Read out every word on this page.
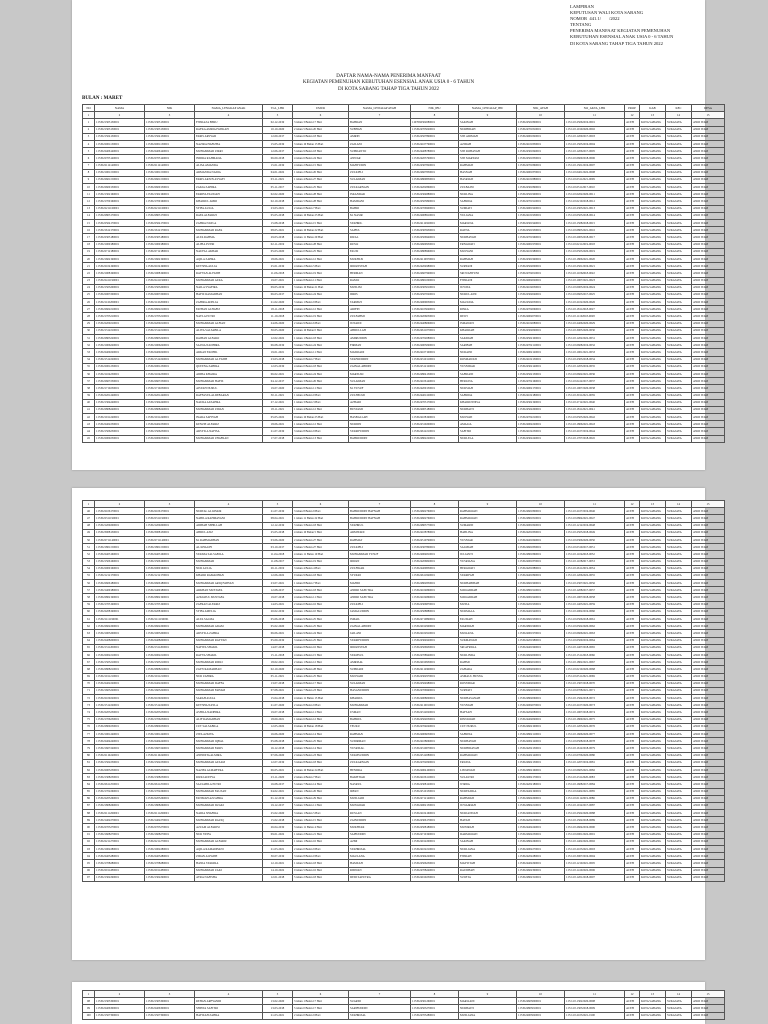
LAMPIRAN
KEPUTUSAN WALI KOTA SABANG
NOMOR  441.1/       /2022
TENTANG
PENERIMA MANFAAT KEGIATAN PEMENUHAN
KEBUTUHAN ESENSIAL ANAK USIA 0 - 6 TAHUN
DI KOTA SABANG TAHAP TIGA TAHUN 2022
DAFTAR NAMA-NAMA PENERIMA MANFAAT
KEGIATAN PEMENUHAN KEBUTUHAN ESENSIAL ANAK USIA 0 - 6 TAHUN
DI KOTA SABANG TAHAP TIGA TAHUN 2022
BULAN : MARET
NO	NAMA	NIK	NAMA_LENGKAP ANAK	TGL_LHR	UMUR	NAMA_LENGKAP AYAH	NIK_IBU	NAMA_LENGKAP_IBU	NIK_AYAH	NO_AKTA_LHR	PROP	KAB	KEC	DESA
1	2	3	4	5	6	7	8	9	10	11	12	13	14	15
1	1172021305130001	1172021305130001	FITRIAZA BERU	02-12-2019	3 tahun 3 Bulan 17 Hari	BAHRAN	1107066302080001	SAKINAH	1172024501800001	1172-LT-25062019-0001	ACEH	KOTA SABANG	SUKAJAYA	ANOI ITAM
2	1172021303150001	1172021303150001	RAFKA AMRIA FATIKAH	10-10-2020	2 tahun 5 Bulan 20 Hari	SUBHAN	1172024705020001	NURHIDAH	1172024701810001	1172-LT-10102020-0002	ACEH	KOTA SABANG	SUKAJAYA	ANOI ITAM
3	1172021504130001	1172021504130001	FARIS ARSYAD	12-09-2017	5 tahun 6 Bulan 18 Hari	AMRIN	1172024507890001	SITI ADIMAH	1172024901820001	1172-LT-12092017-0003	ACEH	KOTA SABANG	SUKAJAYA	ANOI ITAM
4	1172022001130001	1172022001130001	NAZIRA HAFIZHA	15-05-2019	3 tahun 10 Bulan 15 Hari	ZAILANI	1172024107790001	AZIDAH	1172024101830001	1172-LT-15052019-0004	ACEH	KOTA SABANG	SUKAJAYA	ANOI ITAM
5	1172022406140001	1172022406140001	MUHAMMAD ZIKRI	12-06-2017	5 tahun 9 Bulan 18 Hari	SUPRIANTO	1172024408780001	SITI ROHAYAH	1172024301840001	1172-LT-12062017-0005	ACEH	KOTA SABANG	SUKAJAYA	ANOI ITAM
6	1172022705140001	1172022705140001	INDIRA RAHMADA	06-09-2018	4 tahun 6 Bulan 24 Hari	ANWAR	1172024205790001	SITI MARYAM	1172024501850001	1172-LT-06092018-0006	ACEH	KOTA SABANG	SUKAJAYA	ANOI ITAM
7	1172022112140001	1172022112140001	ALISA AMANDA	15-01-2019	4 tahun 2 Bulan 15 Hari	MAHYUDIN	1172024307820001	RAHMATI	1172024701860001	1172-LT-15012019-0007	ACEH	KOTA SABANG	SUKAJAYA	ANOI ITAM
8	1172021901150001	1172021901150001	ARMANDA NADIA	04-01-2022	1 tahun 2 Bulan 26 Hari	ZULKIFLI	1172024607830001	HASNAH	1172024901870001	1172-LT-04012022-0008	ACEH	KOTA SABANG	SUKAJAYA	ANOI ITAM
9	1172022601150001	1172022601150001	FARIS ARJUN ASYAFI	03-11-2021	1 tahun 4 Bulan 27 Hari	SULAIMAN	1172024809850001	HASRIATI	1172024101880001	1172-LT-03112021-0009	ACEH	KOTA SABANG	SUKAJAYA	ANOI ITAM
10	1172022609150001	1172022609150001	ZAKIA ZAHIRA	05-11-2017	5 tahun 4 Bulan 25 Hari	ZULKARNAIN	1172024202860001	ZULBAINI	1172024301890001	1172-LT-05112017-0010	ACEH	KOTA SABANG	SUKAJAYA	ANOI ITAM
11	1172021302160001	1172021302160001	FARIHA FAUZIAH	02-02-2020	3 tahun 1 Bulan 28 Hari	ISKANDAR	1172024304880001	NURLINA	1172024501900001	1172-LT-02022020-0011	ACEH	KOTA SABANG	SUKAJAYA	ANOI ITAM
12	1172021709160001	1172021709160001	KHAIRUL AMRI	02-10-2018	4 tahun 5 Bulan 28 Hari	HAMDANI	1172024505890001	SAFRIDA	1172024701910001	1172-LT-02102018-0012	ACEH	KOTA SABANG	SUKAJAYA	ANOI ITAM
13	1172022211160001	1172022211160001	SYIFA AULIA	23-03-2021	2 tahun 0 Bulan 7 Hari	BAHRI	1172024706900001	SUMIATI	1172024901920001	1172-LT-23032021-0013	ACEH	KOTA SABANG	SUKAJAYA	ANOI ITAM
14	1172022803170001	1172022803170001	RAFA ALFARIZI	05-05-2018	4 tahun 10 Bulan 25 Hari	M. NASIR	1172024908910001	YULIANA	1172024101930001	1172-LT-05052018-0014	ACEH	KOTA SABANG	SUKAJAYA	ANOI ITAM
15	1172022504170001	1172022504170001	ZAHRA NAYLA	15-08-2018	4 tahun 7 Bulan 15 Hari	SYAHRIL	1172024112920001	MARLINA	1172024301940001	1172-LT-15082018-0015	ACEH	KOTA SABANG	SUKAJAYA	ANOI ITAM
16	1172021612170001	1172021612170001	MUHAMMAD RAFA	08-05-2021	1 tahun 10 Bulan 22 Hari	SAIFUL	1172024303930001	RATNA	1172024501950001	1172-LT-08052021-0016	ACEH	KOTA SABANG	SUKAJAYA	ANOI ITAM
17	1172022305180001	1172022305180001	ALYA RAHMA	29-03-2018	4 tahun 11 Bulan 29 Hari	RIZAL	1172024506940001	NURHAYATI	1172024701960001	1172-LT-29032018-0017	ACEH	KOTA SABANG	SUKAJAYA	ANOI ITAM
18	1172021009180001	1172021009180001	ALIFIA PUTRI	02-11-2019	3 tahun 4 Bulan 28 Hari	RUSLI	1172024609950001	ERNAWATI	1172024901970001	1172-LT-02112019-0018	ACEH	KOTA SABANG	SUKAJAYA	ANOI ITAM
19	1172022712180001	1172022712180001	NAUFAL AKBAR	05-03-2020	3 tahun 0 Bulan 25 Hari	FAUZI	1172024808960001	MULYANI	1172024101980001	1172-LT-05032020-0019	ACEH	KOTA SABANG	SUKAJAYA	ANOI ITAM
20	1172021602190001	1172021602190001	AQILA ZAHRA	18-06-2021	1 tahun 9 Bulan 12 Hari	MUKHLIS	1172024110970001	RAHMAH	1172024301990001	1172-LT-18062021-0020	ACEH	KOTA SABANG	SUKAJAYA	ANOI ITAM
21	1172022104190001	1172022104190001	KEYSHA AULIA	25-01-2019	4 tahun 2 Bulan 5 Hari	IRWANSYAH	1172024204980001	SURYANI	1172024502000001	1172-LT-25012019-0021	ACEH	KOTA SABANG	SUKAJAYA	ANOI ITAM
22	1172021908190001	1172021908190001	RAYYAN ALFATIH	11-06-2018	4 tahun 9 Bulan 19 Hari	HERMAN	1172024607990001	SRI WAHYUNI	1172024702010001	1172-LT-11062018-0022	ACEH	KOTA SABANG	SUKAJAYA	ANOI ITAM
23	1172022411190001	1172022411190001	MUHAMMAD AZKA	19-07-2021	1 tahun 8 Bulan 11 Hari	RAMLI	1172024801000001	FITRIANI	1172024902020001	1172-LT-19072021-0023	ACEH	KOTA SABANG	SUKAJAYA	ANOI ITAM
24	1172021503200001	1172021503200001	NAILA SYAFIRA	09-05-2019	3 tahun 10 Bulan 21 Hari	MUSLIM	1172024305010001	JUWITA	1172024102030001	1172-LT-09052019-0024	ACEH	KOTA SABANG	SUKAJAYA	ANOI ITAM
25	1172022007200001	1172022007200001	HAFIZ RAMADHAN	06-03-2017	6 tahun 0 Bulan 24 Hari	IDRIS	1172024507020001	NURUL AINI	1172024302040001	1172-LT-06032017-0025	ACEH	KOTA SABANG	SUKAJAYA	ANOI ITAM
26	1172021110200001	1172021110200001	ZAHIRA ADELIA	21-02-2020	3 tahun 1 Bulan 9 Hari	TARMIZI	1172024909030001	MAULIDA	1172024502050001	1172-LT-21022020-0026	ACEH	KOTA SABANG	SUKAJAYA	ANOI ITAM
27	1172022602210001	1172022602210001	FATHAN ALHAFIZ	18-11-2018	4 tahun 4 Bulan 12 Hari	ARIFIN	1172024103040001	RISKA	1172024702060001	1172-LT-18112018-0027	ACEH	KOTA SABANG	SUKAJAYA	ANOI ITAM
28	1172021705210001	1172021705210001	NAYLA PUTRI	11-10-2018	4 tahun 5 Bulan 19 Hari	ZULFAHMI	1172024206050001	DEWI	1172024902070001	1172-LT-11102018-0028	ACEH	KOTA SABANG	SUKAJAYA	ANOI ITAM
29	1172022209210001	1172022209210001	MUHAMMAD ALFIAN	24-06-2020	2 tahun 9 Bulan 6 Hari	JUNAIDI	1172024408060001	ISMAWATI	1172024102080001	1172-LT-24062020-0029	ACEH	KOTA SABANG	SUKAJAYA	ANOI ITAM
30	1172021312210001	1172021312210001	ALIYA SALSABILA	30-05-2020	2 tahun 10 Bulan 0 Hari	ABDULLAH	1172024611070001	KHAIRIAH	1172024302090001	1172-LT-30052020-0030	ACEH	KOTA SABANG	SUKAJAYA	ANOI ITAM
31	1172022803220001	1172022803220001	RAIHAN ALFARO	12-02-2022	1 tahun 1 Bulan 18 Hari	AMIRUDDIN	1172024702080001	SAKDIAH	1172024502100001	1172-LT-12022022-0031	ACEH	KOTA SABANG	SUKAJAYA	ANOI ITAM
32	1172021906220001	1172021906220001	SALWA NADHIRA	06-08-2019	3 tahun 7 Bulan 24 Hari	FIRMAN	1172024905090001	SARIFAH	1172024702110001	1172-LT-06082019-0032	ACEH	KOTA SABANG	SUKAJAYA	ANOI ITAM
33	1172022409220001	1172022409220001	ARKAN FADHIL	19-01-2021	2 tahun 2 Bulan 11 Hari	MASRIADI	1172024107100001	NURAINI	1172024902120001	1172-LT-19012021-0033	ACEH	KOTA SABANG	SUKAJAYA	ANOI ITAM
34	1172021512220001	1172021512220001	MUHAMMAD AL FATIH	23-03-2018	5 tahun 0 Bulan 7 Hari	SYAFRUDDIN	1172024310110001	ROSMAWATI	1172024102130001	1172-LT-23032018-0034	ACEH	KOTA SABANG	SUKAJAYA	ANOI ITAM
35	1172022001230001	1172022001230001	QUEENA ZAHIRA	12-03-2019	4 tahun 0 Bulan 18 Hari	ZAINAL ABIDIN	1172024512120001	YUSNIDAR	1172024302140001	1172-LT-12032019-0035	ACEH	KOTA SABANG	SUKAJAYA	ANOI ITAM
36	1172021104230001	1172021104230001	ADIBA KHAIRA	06-02-2021	2 tahun 1 Bulan 24 Hari	MARZUKI	1172024804130001	SAFRIANI	1172024502150001	1172-LT-06022021-0036	ACEH	KOTA SABANG	SUKAJAYA	ANOI ITAM
37	1172022607230001	1172022607230001	MUHAMMAD HAFIZ	04-12-2017	5 tahun 3 Bulan 26 Hari	SULAIMAN	1172024106140001	HERLINA	1172024702160001	1172-LT-04122017-0037	ACEH	KOTA SABANG	SUKAJAYA	ANOI ITAM
38	1172021710230001	1172021710230001	AISYAH NURUL	19-07-2020	2 tahun 8 Bulan 11 Hari	M. YUSUF	1172024209150001	NURSIAH	1172024902170001	1172-LT-19072020-0038	ACEH	KOTA SABANG	SUKAJAYA	ANOI ITAM
39	1172022201240001	1172022201240001	RAFFASYA ALDEBARAN	30-11-2021	1 tahun 4 Bulan 0 Hari	ZULHELMI	1172024401160001	SAFRIDA	1172024102180001	1172-LT-30112021-0039	ACEH	KOTA SABANG	SUKAJAYA	ANOI ITAM
40	1172021304240001	1172021304240001	NAURA AZZAHRA	27-12-2021	1 tahun 3 Bulan 3 Hari	AZHARI	1172024703170001	KHAIRUNNISA	1172024302190001	1172-LT-27122021-0040	ACEH	KOTA SABANG	SUKAJAYA	ANOI ITAM
41	1172022808240001	1172022808240001	MUHAMMAD ZIDAN	18-11-2021	1 tahun 4 Bulan 12 Hari	BUSTAMI	1172024905180001	NURBAITI	1172024502200001	1172-LT-18112021-0041	ACEH	KOTA SABANG	SUKAJAYA	ANOI ITAM
42	1172021911240001	1172021911240001	INARA SAFIYAH	05-05-2022	0 tahun 10 Bulan 25 Hari	HASBALLAH	1172024108190001	MULYATI	1172024702210001	1172-LT-05052022-0042	ACEH	KOTA SABANG	SUKAJAYA	ANOI ITAM
43	1172022402250001	1172022402250001	KENZIE ALFARIZ	18-06-2021	1 tahun 9 Bulan 12 Hari	NURDIN	1172024310200001	AMALIA	1172024902220001	1172-LT-18062021-0043	ACEH	KOTA SABANG	SUKAJAYA	ANOI ITAM
44	1172021506250001	1172021506250001	ARSYILA NAFISA	21-07-2019	3 tahun 8 Bulan 9 Hari	SYARIFUDDIN	1172024612210001	SAFITRI	1172024102230001	1172-LT-21072019-0044	ACEH	KOTA SABANG	SUKAJAYA	ANOI ITAM
45	1172022009250001	1172022009250001	MUHAMMAD ZHAFRAN	17-07-2018	4 tahun 8 Bulan 13 Hari	BAHRUDDIN	1172024802220001	NURLELA	1172024302240001	1172-LT-17072018-0045	ACEH	KOTA SABANG	SUKAJAYA	ANOI ITAM
1	2	3	4	5	6	7	8	9	10	11	12	13	14	15
46	1172022106170001	1172022106170001	NURTAL AL KHAIR	21-07-2019	3 tahun 8 Bulan 9 Hari	BAHRUDDIN HAFNAH	1172024602760001	RAHMAWATI	1172024601800001	1172-LT-21072019-0046	ACEH	KOTA SABANG	SUKAJAYA	ANOI ITAM
47	1172022311190001	1172022311190001	NABILA RAHMAYANI	08-04-2021	1 tahun 11 Bulan 22 Hari	BAHRUDDIN HAFNAH	1172024602760001	RAHMAWATI	1172024801810001	1172-LT-08042021-0047	ACEH	KOTA SABANG	SUKAJAYA	ANOI ITAM
48	1172021209200001	1172021209200001	ADIBAH SEHILLAH	12-12-2019	3 tahun 3 Bulan 18 Hari	SYAHRUL	1172024805770001	SUMARNI	1172024001820001	1172-LT-12122019-0048	ACEH	KOTA SABANG	SUKAJAYA	ANOI ITAM
49	1172023008130001	1172023008130001	ABDUL AZIZ	25-05-2018	4 tahun 10 Bulan 5 Hari	ARMIYADI	1172024108780001	HABLINA	1172024201830001	1172-LT-25052018-0049	ACEH	KOTA SABANG	SUKAJAYA	ANOI ITAM
50	1172022711140001	1172022711140001	M. RAHMADHAN	03-06-2020	2 tahun 9 Bulan 27 Hari	RAHMAT	1172024510790001	YUSNIAR	1172024401840001	1172-LT-03062020-0050	ACEH	KOTA SABANG	SUKAJAYA	ANOI ITAM
51	1172021801150001	1172021801150001	AL KHALIFI	03-10-2017	5 tahun 5 Bulan 27 Hari	ZULKIFLI	1172024307800001	SALMIAH	1172024601850001	1172-LT-03102017-0051	ACEH	KOTA SABANG	SUKAJAYA	ANOI ITAM
52	1172022403160001	1172022403160001	SYAIMA SALSABILA	11-04-2018	4 tahun 11 Bulan 19 Hari	MUHAMMAD YUSUF	1172024904810001	JULIANTI	1172024801860001	1172-LT-11042018-0052	ACEH	KOTA SABANG	SUKAJAYA	ANOI ITAM
53	1172021506160001	1172021506160001	MUHAMMAD	11-08-2017	5 tahun 7 Bulan 19 Hari	IRWAN	1172024206820001	YUSRIANA	1172024001870001	1172-LT-11082017-0053	ACEH	KOTA SABANG	SUKAJAYA	ANOI ITAM
54	1172022909160001	1172022909160001	NUR AULIA	26-11-2019	3 tahun 4 Bulan 4 Hari	ZULFIKAR	1172024409830001	HERAWATI	1172024201880001	1172-LT-26112019-0054	ACEH	KOTA SABANG	SUKAJAYA	ANOI ITAM
55	1172021212170001	1172021212170001	KHAIRI RAMADHAN	12-06-2022	0 tahun 9 Bulan 18 Hari	SYUKRI	1172024611840001	SYARIFAH	1172024401890001	1172-LT-12062022-0055	ACEH	KOTA SABANG	SUKAJAYA	ANOI ITAM
56	1172022606180001	1172022606180001	MUHAMMAD ARIQ FATHAN	23-07-2021	1 tahun 8 Bulan 7 Hari	MAHDI	1172024802850001	NURHABIBAH	1172024601900001	1172-LT-23072021-0056	ACEH	KOTA SABANG	SUKAJAYA	ANOI ITAM
57	1172021409180001	1172021409180001	ARKHAN MUSTAFA	12-08-2017	5 tahun 7 Bulan 18 Hari	ANDRI SAPUTRA	1172024104860001	MAWADDAH	1172024801910001	1172-LT-12082017-0057	ACEH	KOTA SABANG	SUKAJAYA	ANOI ITAM
58	1172022802190001	1172022802190001	AZKIATUL MUSTAFA	19-07-2018	4 tahun 8 Bulan 11 Hari	ANDRI SAPUTRA	1172024104860001	MAWADDAH	1172024001920001	1172-LT-19072018-0058	ACEH	KOTA SABANG	SUKAJAYA	ANOI ITAM
59	1172021705190001	1172021705190001	ZAFRAN ALFARIZ	14-03-2021	2 tahun 0 Bulan 16 Hari	ZULKIFLI	1172024306870001	MUTIA	1172024201930001	1172-LT-14032021-0059	ACEH	KOTA SABANG	SUKAJAYA	ANOI ITAM
60	1172022208190001	1172022208190001	SYIFA AMELIA	20-02-2019	4 tahun 1 Bulan 10 Hari	JAMALUDDIN	1172024508880001	NURMALA	1172024401940001	1172-LT-20022019-0060	ACEH	KOTA SABANG	SUKAJAYA	ANOI ITAM
61	1172021111190001	1172021111190001	ALYA SALMA	05-06-2018	4 tahun 9 Bulan 25 Hari	ISMAIL	1172024710890001	FAUZIAH	1172024601950001	1172-LT-05062018-0061	ACEH	KOTA SABANG	SUKAJAYA	ANOI ITAM
62	1172022602200001	1172022602200001	MUHAMMAD ADAM	05-02-2020	3 tahun 1 Bulan 25 Hari	ZAINAL ABIDIN	1172024912900001	MARDIAH	1172024801960001	1172-LT-05022020-0062	ACEH	KOTA SABANG	SUKAJAYA	ANOI ITAM
63	1172021905200001	1172021905200001	ARSYILA ZAHRA	06-06-2021	1 tahun 9 Bulan 24 Hari	JAILANI	1172024102910001	MULIANA	1172024001970001	1172-LT-06062021-0063	ACEH	KOTA SABANG	SUKAJAYA	ANOI ITAM
64	1172022408200001	1172022408200001	MUHAMMAD RAYYAN	05-09-2019	3 tahun 6 Bulan 25 Hari	SYARIFUDDIN	1172024304920001	SUKMAWATI	1172024201980001	1172-LT-05092019-0064	ACEH	KOTA SABANG	SUKAJAYA	ANOI ITAM
65	1172021311200001	1172021311200001	NAFIYA SHAKIL	14-07-2018	4 tahun 8 Bulan 16 Hari	IRWANSYAH	1172024506930001	SRI AFRILIA	1172024401990001	1172-LT-14072018-0065	ACEH	KOTA SABANG	SUKAJAYA	ANOI ITAM
66	1172022002210001	1172022002210001	RAYYA SHAKIL	15-11-2018	4 tahun 4 Bulan 15 Hari	SYAMSUL	1172024708940001	NURLINDA	1172024602000001	1172-LT-15112018-0066	ACEH	KOTA SABANG	SUKAJAYA	ANOI ITAM
67	1172021505210001	1172021505210001	MUHAMMAD RIZKI	18-02-2021	2 tahun 1 Bulan 12 Hari	AMRIZAL	1172024910950001	RAHMI	1172024802010001	1172-LT-18022021-0067	ACEH	KOTA SABANG	SUKAJAYA	ANOI ITAM
68	1172022808210001	1172022808210001	ZAYN RAMADHAN	02-10-2020	2 tahun 5 Bulan 28 Hari	SUPRIADI	1172024112960001	ZAHARA	1172024002020001	1172-LT-02102020-0068	ACEH	KOTA SABANG	SUKAJAYA	ANOI ITAM
69	1172021911210001	1172021911210001	NUR ZAHIRA	05-11-2021	1 tahun 4 Bulan 25 Hari	MULYADI	1172024302970001	ASMAUL HUSNA	1172024202030001	1172-LT-05112021-0069	ACEH	KOTA SABANG	SUKAJAYA	ANOI ITAM
70	1172022402220001	1172022402220001	MUHAMMAD DAFFA	13-07-2018	4 tahun 8 Bulan 17 Hari	SULAIMAN	1172024504980001	ROSNIDAR	1172024402040001	1172-LT-13072018-0070	ACEH	KOTA SABANG	SUKAJAYA	ANOI ITAM
71	1172021605220001	1172021605220001	MUHAMMAD FAHAM	07-08-2021	1 tahun 7 Bulan 23 Hari	HASANUDDIN	1172024706990001	SURYATI	1172024602050001	1172-LT-07082021-0071	ACEH	KOTA SABANG	SUKAJAYA	ANOI ITAM
72	1172022109220001	1172022109220001	SARAH AULIA	15-04-2018	4 tahun 11 Bulan 15 Hari	KHAIRUL	1172024908000001	NURHASANAH	1172024802060001	1172-LT-15042018-0072	ACEH	KOTA SABANG	SUKAJAYA	ANOI ITAM
73	1172021512220001	1172021512220001	KEYSHA NAYLA	21-07-2020	2 tahun 8 Bulan 9 Hari	MUHAMMAD	1172024110010001	YUSNIAH	1172024002070001	1172-LT-21072020-0073	ACEH	KOTA SABANG	SUKAJAYA	ANOI ITAM
74	1172022203230001	1172022203230001	ASHILA NADHIRA	19-07-2018	4 tahun 8 Bulan 11 Hari	USMAN	1172024312020001	HAFSAH	1172024202080001	1172-LT-19072018-0074	ACEH	KOTA SABANG	SUKAJAYA	ANOI ITAM
75	1172021706230001	1172021706230001	ALIF RAMADHAN	18-09-2021	1 tahun 6 Bulan 12 Hari	BAHRUL	1172024502030001	RISNAWATI	1172024402090001	1172-LT-18092021-0075	ACEH	KOTA SABANG	SUKAJAYA	ANOI ITAM
76	1172022809230001	1172022809230001	CUT SALSABILA	12-05-2022	0 tahun 10 Bulan 18 Hari	TEUKU	1172024704040001	CUT NURUL	1172024602100001	1172-LT-12052022-0076	ACEH	KOTA SABANG	SUKAJAYA	ANOI ITAM
77	1172021901240001	1172021901240001	ZIYA AZKIYA	16-06-2020	2 tahun 9 Bulan 14 Hari	RAHMAN	1172024906050001	SAFRINA	1172024802110001	1172-LT-16062020-0077	ACEH	KOTA SABANG	SUKAJAYA	ANOI ITAM
78	1172022404240001	1172022404240001	MUHAMMAD IQBAL	05-08-2018	4 tahun 7 Bulan 25 Hari	SUDIRMAN	1172024108060001	NURHAYATI	1172024002120001	1172-LT-05082018-0078	ACEH	KOTA SABANG	SUKAJAYA	ANOI ITAM
79	1172021607240001	1172021607240001	MUHAMMAD FARIS	16-12-2018	4 tahun 3 Bulan 14 Hari	YUSRIZAL	1172024310070001	NURHIDAYAH	1172024202130001	1172-LT-16122018-0079	ACEH	KOTA SABANG	SUKAJAYA	ANOI ITAM
80	1172022110240001	1172022110240001	ANINDITA ALMIRA	07-06-2020	2 tahun 9 Bulan 23 Hari	SYAMSUDDIN	1172024512080001	RAHMAWATI	1172024402140001	1172-LT-07062020-0080	ACEH	KOTA SABANG	SUKAJAYA	ANOI ITAM
81	1172021502250001	1172021502250001	MUHAMMAD AZZAM	12-07-2019	3 tahun 8 Bulan 18 Hari	ZULKARNAIN	1172024702090001	ERLINA	1172024602150001	1172-LT-12072019-0081	ACEH	KOTA SABANG	SUKAJAYA	ANOI ITAM
82	1172022005250001	1172022005250001	NAZIFA ALMAHYRA	06-05-2021	1 tahun 10 Bulan 24 Hari	HENDRA	1172024904100001	LISNAWATI	1172024802160001	1172-LT-06052021-0082	ACEH	KOTA SABANG	SUKAJAYA	ANOI ITAM
83	1172021308250001	1172021308250001	RIZKI ADITYA	23-11-2020	2 tahun 4 Bulan 7 Hari	BAKHTIAR	1172024106110001	SULASTRI	1172024002170001	1172-LT-23112020-0083	ACEH	KOTA SABANG	SUKAJAYA	ANOI ITAM
84	1172022611250001	1172022611250001	SALSABILA PUTRI	16-08-2017	5 tahun 7 Bulan 14 Hari	NASRUL	1172024308120001	WIRDA	1172024202180001	1172-LT-16082017-0084	ACEH	KOTA SABANG	SUKAJAYA	ANOI ITAM
85	1172021702260001	1172021702260001	MUHAMMAD FAUZAN	04-02-2021	2 tahun 1 Bulan 26 Hari	IRFAN	1172024510130001	NURFADILA	1172024402190001	1172-LT-04022021-0085	ACEH	KOTA SABANG	SUKAJAYA	ANOI ITAM
86	1172022205260001	1172022205260001	FATIMAH AZZAHRA	01-12-2019	3 tahun 3 Bulan 29 Hari	MUSLIADI	1172024712140001	RAHMIATI	1172024602200001	1172-LT-01122019-0086	ACEH	KOTA SABANG	SUKAJAYA	ANOI ITAM
87	1172021808260001	1172021808260001	MUHAMMAD DZAKI	19-12-2017	5 tahun 3 Bulan 11 Hari	MUNAWAR	1172024902150001	JUWAIRIAH	1172024802210001	1172-LT-19122017-0087	ACEH	KOTA SABANG	SUKAJAYA	ANOI ITAM
88	1172022111260001	1172022111260001	NADIA SHAFIRA	25-02-2020	3 tahun 1 Bulan 5 Hari	RUSLAN	1172024104160001	NURJANNAH	1172024002220001	1172-LT-25022020-0088	ACEH	KOTA SABANG	SUKAJAYA	ANOI ITAM
89	1172021402270001	1172021402270001	MUHAMMAD RAZIQ	15-02-2018	5 tahun 1 Bulan 15 Hari	ZAINUDDIN	1172024306170001	HAYATI	1172024202230001	1172-LT-15022018-0089	ACEH	KOTA SABANG	SUKAJAYA	ANOI ITAM
90	1172022705270001	1172022705270001	AZZAM ALFARISI	26-04-2019	3 tahun 11 Bulan 4 Hari	MUKHTAR	1172024508180001	MUNIRAH	1172024402240001	1172-LT-26042019-0090	ACEH	KOTA SABANG	SUKAJAYA	ANOI ITAM
91	1172021608270001	1172021608270001	NUR SYIFA	09-01-2022	1 tahun 2 Bulan 21 Hari	SAIFUDDIN	1172024710190001	DARMAWATI	1172024602250001	1172-LT-09012022-0091	ACEH	KOTA SABANG	SUKAJAYA	ANOI ITAM
92	1172022211270001	1172022211270001	MUHAMMAD ALFARIZ	14-02-2022	1 tahun 1 Bulan 16 Hari	AZMI	1172024912200001	SAKINAH	1172024802260001	1172-LT-14022022-0092	ACEH	KOTA SABANG	SUKAJAYA	ANOI ITAM
93	1172021902280001	1172021902280001	AQILA RAMADHANI	21-03-2021	2 tahun 0 Bulan 9 Hari	SYAHRIZAL	1172024102210001	NURLIANA	1172024002270001	1172-LT-21032021-0093	ACEH	KOTA SABANG	SUKAJAYA	ANOI ITAM
94	1172022405280001	1172022405280001	ZIDAN ALFATIH	30-07-2019	3 tahun 8 Bulan 0 Hari	MAULANA	1172024304220001	FITRIAH	1172024202280001	1172-LT-30072019-0094	ACEH	KOTA SABANG	SUKAJAYA	ANOI ITAM
95	1172021708280001	1172021708280001	HANIA SYAKIRA	12-10-2021	1 tahun 5 Bulan 18 Hari	HAMZAH	1172024506230001	MASYITAH	1172024402290001	1172-LT-12102021-0095	ACEH	KOTA SABANG	SUKAJAYA	ANOI ITAM
96	1172022011280001	1172022011280001	MUHAMMAD ZAKI	14-10-2022	0 tahun 5 Bulan 16 Hari	RIDWAN	1172024708240001	RAUDHAH	1172024602300001	1172-LT-14102022-0096	ACEH	KOTA SABANG	SUKAJAYA	ANOI ITAM
97	1172021302290001	1172021302290001	AYRA NAFISHA	12-01-2018	5 tahun 2 Bulan 18 Hari	DEDI SAPUTRA	1172024910250001	SUWITA	1172024802310001	1172-LT-12012018-0097	ACEH	KOTA SABANG	SUKAJAYA	ANOI ITAM
1	2	3	4	5	6	7	8	9	10	11	12	13	14	15
98	1172021305300001	1172021305300001	REHAN ARFYANDI	13-02-2020	3 tahun 1 Bulan 17 Hari	SUARDI	1172024301260001	MARLIANI	1172024603000001	1172-LT-13022020-0098	ACEH	KOTA SABANG	SUKAJAYA	ANOI ITAM
99	1172022406300001	1172022406300001	SHINTA SAFITRI	13-03-2018	5 tahun 0 Bulan 17 Hari	SARIFUDDIN	1172024503270001	NURBAITI	1172024803010001	1172-LT-13032018-0099	ACEH	KOTA SABANG	SUKAJAYA	ANOI ITAM
100	1172021507300001	1172021507300001	HAFIZAH ZAHRA	21-03-2021	2 tahun 0 Bulan 9 Hari	SYAHRIZAL	1172024705280001	MUSLIANA	1172024003020001	1172-LT-21032021-0100	ACEH	KOTA SABANG	SUKAJAYA	ANOI ITAM
